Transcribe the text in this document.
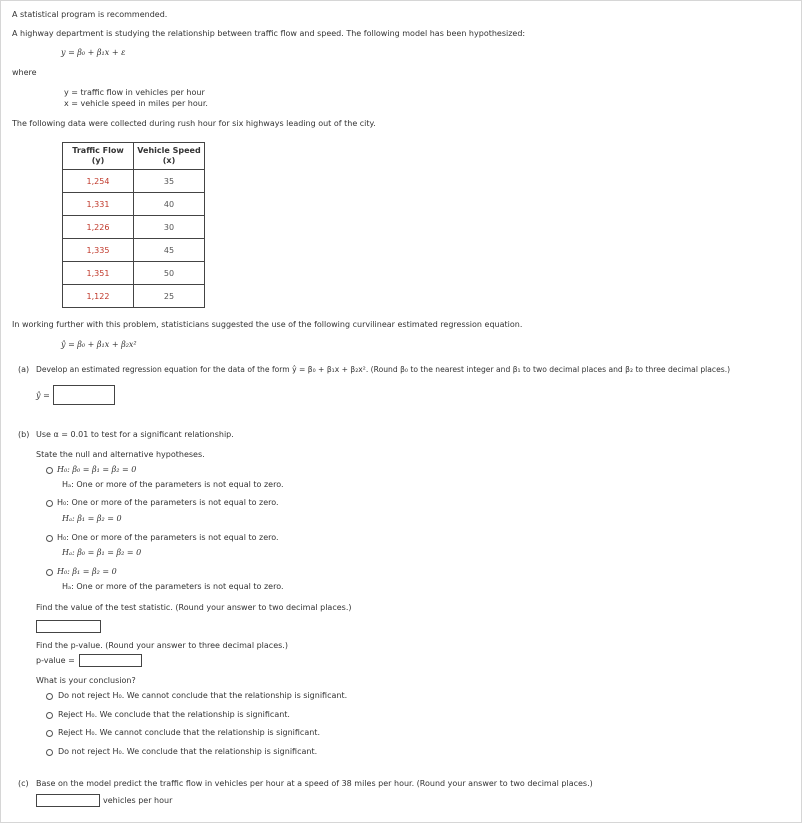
A statistical program is recommended.
A highway department is studying the relationship between traffic flow and speed. The following model has been hypothesized:
y = β₀ + β₁x + ε
where
y = traffic flow in vehicles per hour
x = vehicle speed in miles per hour.
The following data were collected during rush hour for six highways leading out of the city.
Traffic Flow
(y)	Vehicle Speed
(x)
1,254	35
1,331	40
1,226	30
1,335	45
1,351	50
1,122	25
In working further with this problem, statisticians suggested the use of the following curvilinear estimated regression equation.
ŷ = β₀ + β₁x + β₂x²
(a) Develop an estimated regression equation for the data of the form ŷ = β₀ + β₁x + β₂x². (Round β₀ to the nearest integer and β₁ to two decimal places and β₂ to three decimal places.)
ŷ =
(b) Use α = 0.01 to test for a significant relationship.
State the null and alternative hypotheses.
H₀: β₀ = β₁ = β₂ = 0
Hₐ: One or more of the parameters is not equal to zero.
H₀: One or more of the parameters is not equal to zero.
Hₐ: β₁ = β₂ = 0
H₀: One or more of the parameters is not equal to zero.
Hₐ: β₀ = β₁ = β₂ = 0
H₀: β₁ = β₂ = 0
Hₐ: One or more of the parameters is not equal to zero.
Find the value of the test statistic. (Round your answer to two decimal places.)
Find the p-value. (Round your answer to three decimal places.)
p-value =
What is your conclusion?
Do not reject H₀. We cannot conclude that the relationship is significant.
Reject H₀. We conclude that the relationship is significant.
Reject H₀. We cannot conclude that the relationship is significant.
Do not reject H₀. We conclude that the relationship is significant.
(c) Base on the model predict the traffic flow in vehicles per hour at a speed of 38 miles per hour. (Round your answer to two decimal places.)
vehicles per hour
